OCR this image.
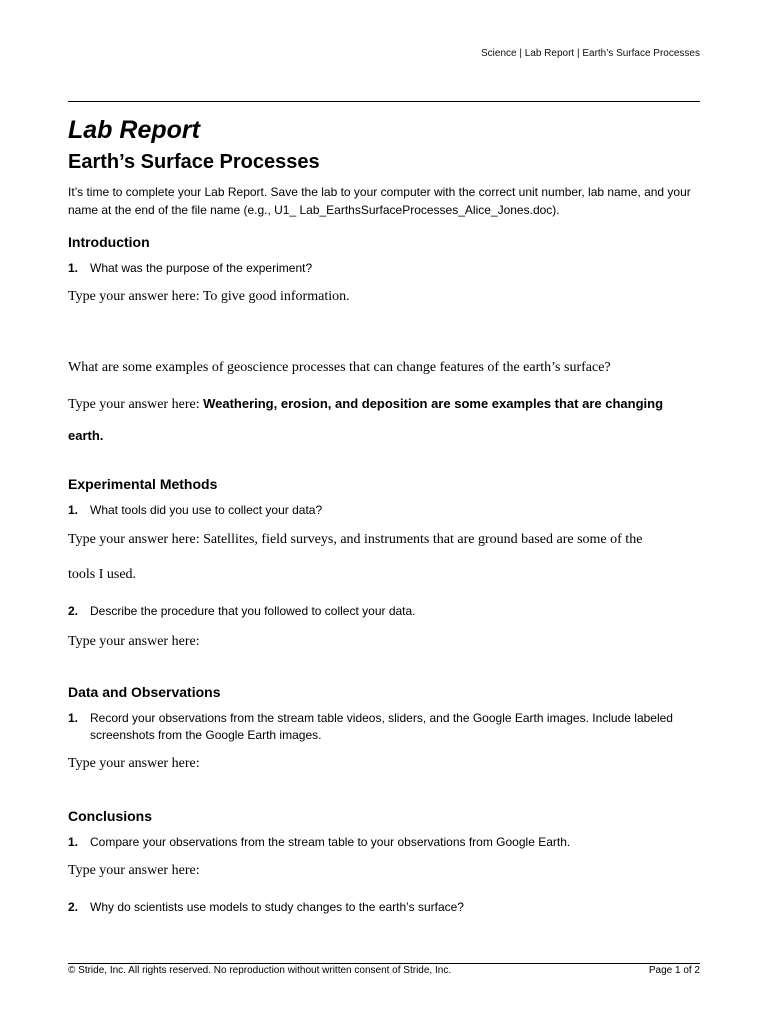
Science | Lab Report | Earth’s Surface Processes
Lab Report
Earth’s Surface Processes
It’s time to complete your Lab Report. Save the lab to your computer with the correct unit number, lab name, and your name at the end of the file name (e.g., U1_ Lab_EarthsSurfaceProcesses_Alice_Jones.doc).
Introduction
1. What was the purpose of the experiment?
Type your answer here: To give good information.
What are some examples of geoscience processes that can change features of the earth’s surface?
Type your answer here: Weathering, erosion, and deposition are some examples that are changing
earth.
Experimental Methods
1. What tools did you use to collect your data?
Type your answer here: Satellites, field surveys, and instruments that are ground based are some of the
tools I used.
2. Describe the procedure that you followed to collect your data.
Type your answer here:
Data and Observations
1. Record your observations from the stream table videos, sliders, and the Google Earth images. Include labeled screenshots from the Google Earth images.
Type your answer here:
Conclusions
1. Compare your observations from the stream table to your observations from Google Earth.
Type your answer here:
2. Why do scientists use models to study changes to the earth’s surface?
© Stride, Inc. All rights reserved. No reproduction without written consent of Stride, Inc.	Page 1 of 2
